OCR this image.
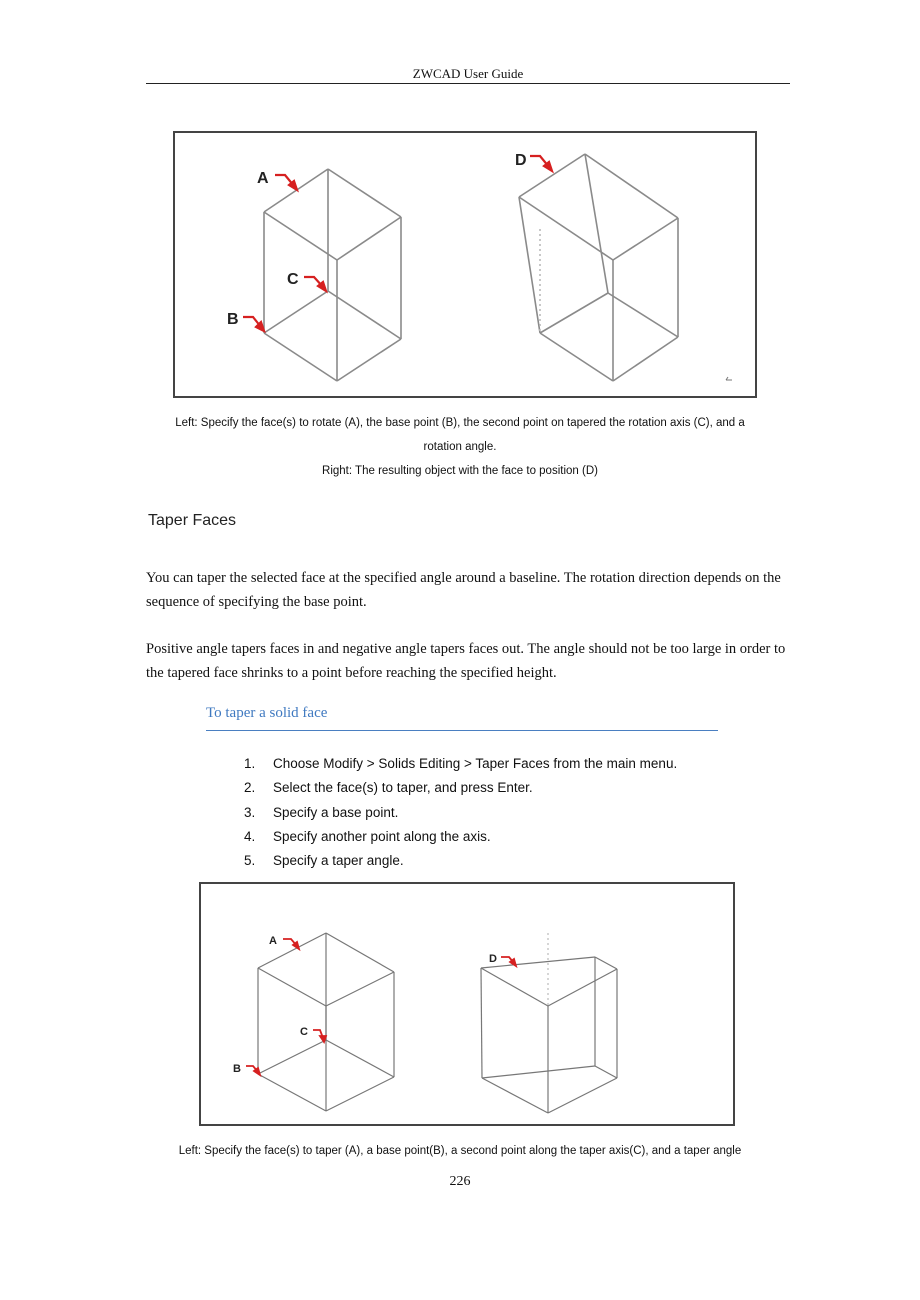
ZWCAD User Guide
A
C
B
D
Left: Specify the face(s) to rotate (A), the base point (B), the second point on tapered the rotation axis (C), and a
rotation angle.
Right: The resulting object with the face to position (D)
Taper Faces
You can taper the selected face at the specified angle around a baseline. The rotation direction depends on the sequence of specifying the base point.
Positive angle tapers faces in and negative angle tapers faces out. The angle should not be too large in order to the tapered face shrinks to a point before reaching the specified height.
To taper a solid face
1. Choose Modify > Solids Editing > Taper Faces from the main menu.
2. Select the face(s) to taper, and press Enter.
3. Specify a base point.
4. Specify another point along the axis.
5. Specify a taper angle.
A
C
B
D
Left: Specify the face(s) to taper (A), a base point(B), a second point along the taper axis(C), and a taper angle
226
